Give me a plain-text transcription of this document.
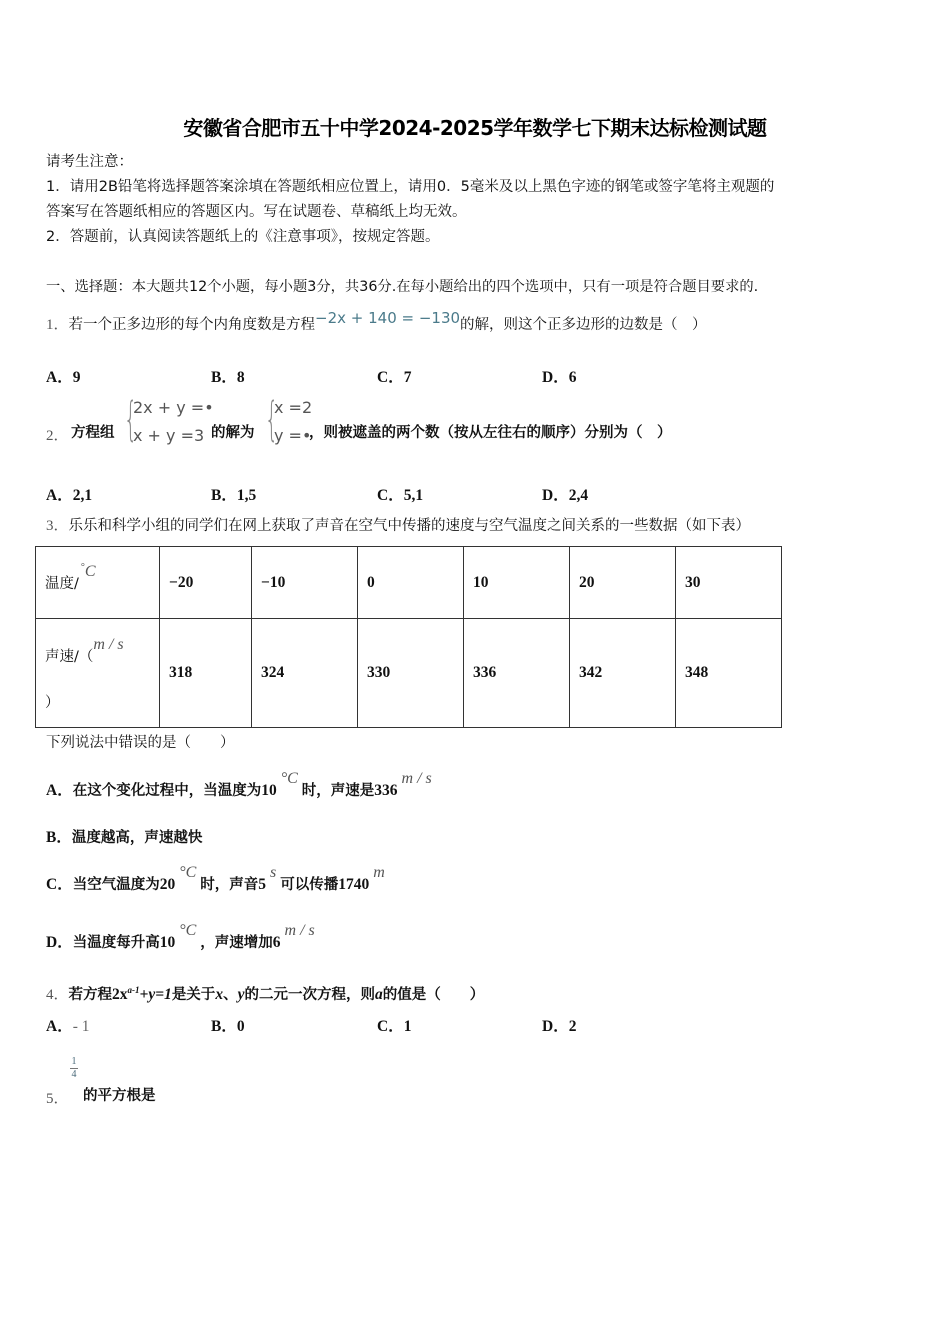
安徽省合肥市五十中学2024-2025学年数学七下期末达标检测试题
请考生注意：
1．请用2B铅笔将选择题答案涂填在答题纸相应位置上，请用0．5毫米及以上黑色字迹的钢笔或签字笔将主观题的
答案写在答题纸相应的答题区内。写在试题卷、草稿纸上均无效。
2．答题前，认真阅读答题纸上的《注意事项》，按规定答题。
一、选择题：本大题共12个小题，每小题3分，共36分.在每小题给出的四个选项中，只有一项是符合题目要求的.
1．若一个正多边形的每个内角度数是方程−2x + 140 = −130的解，则这个正多边形的边数是（　）
A．9	B．8	C．7	D．6
2． 方程组 {
2x + y =•
x + y =3 的解为 {
x =2
y =•
，则被遮盖的两个数（按从左往右的顺序）分别为（　）
A．2,1	B．1,5	C．5,1	D．2,4
3．乐乐和科学小组的同学们在网上获取了声音在空气中传播的速度与空气温度之间关系的一些数据（如下表）
温度/°C	−20	−10	0	10	20	30

声速/（m / s
）	318	324	330	336	342	348
下列说法中错误的是（　　）
A．在这个变化过程中，当温度为10°C时，声速是336m / s
B．温度越高，声速越快
C．当空气温度为20°C时，声音5s可以传播1740m
D．当温度每升高10°C，声速增加6m / s
4．若方程$2x^{a-1}+y=1$是关于x、y的二元一次方程，则a的值是（　　）
A．- 1	B．0	C．1	D．2
1
4
5． 的平方根是
